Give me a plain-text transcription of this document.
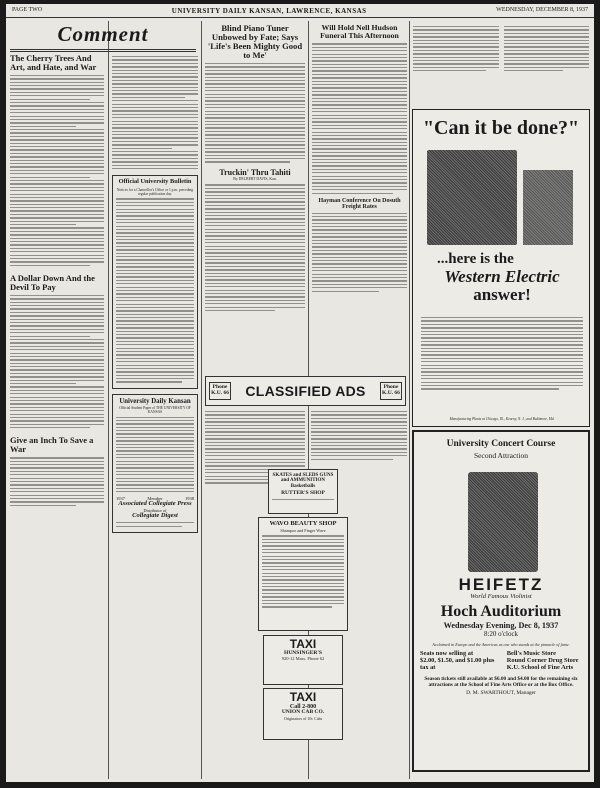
PAGE TWO	UNIVERSITY DAILY KANSAN, LAWRENCE, KANSAS	WEDNESDAY, DECEMBER 8, 1937
Comment
The Cherry Trees And Art, and Hate, and War
A Dollar Down And the Devil To Pay
Give an Inch To Save a War
Official University Bulletin
Notices for a Chancellor's Office or 1 p.m. preceding regular publication day.
University Daily Kansan
Official Student Paper of THE UNIVERSITY OF KANSAS
1937	Member	1938
Associated Collegiate Press
Distributor of
Collegiate Digest
Blind Piano Tuner Unbowed by Fate; Says 'Life's Been Mighty Good to Me'
Truckin' Thru Tahiti
By DELBERT DAVIS, Kan.
Phone K.U. 66 CLASSIFIED ADS	Phone K.U. 66
SKATES and SLEDS GUNS and AMMUNITION Basketballs
RUTTER'S SHOP
WAVO BEAUTY SHOP
Shampoo and Finger Wave
TAXI
HUNSINGER'S
920-12 Mass. Phone 62
TAXI
Call 2-800
UNION CAB CO.
Originators of 10c Cabs
Will Hold Nell Hudson Funeral This Afternoon
Hayman Conference Ou Dosuth Freight Rates
"Can it be done?"
...here is the
Western Electric
answer!
Manufacturing Plants at Chicago, Ill., Kearny, N. J., and Baltimore, Md.
University Concert Course
Second Attraction
HEIFETZ
World Famous Violinist
Hoch Auditorium
Wednesday Evening, Dec 8, 1937
8:20 o'clock
Acclaimed in Europe and the Americas as one who stands at the pinnacle of fame.
Seats now selling at
$2.00, $1.50, and $1.00 plus tax at
Bell's Music Store
Round Corner Drug Store
K.U. School of Fine Arts
Season tickets still available at $6.00 and $4.00 for the remaining six attractions at the School of Fine Arts Office or at the Box Office.
D. M. SWARTHOUT, Manager
